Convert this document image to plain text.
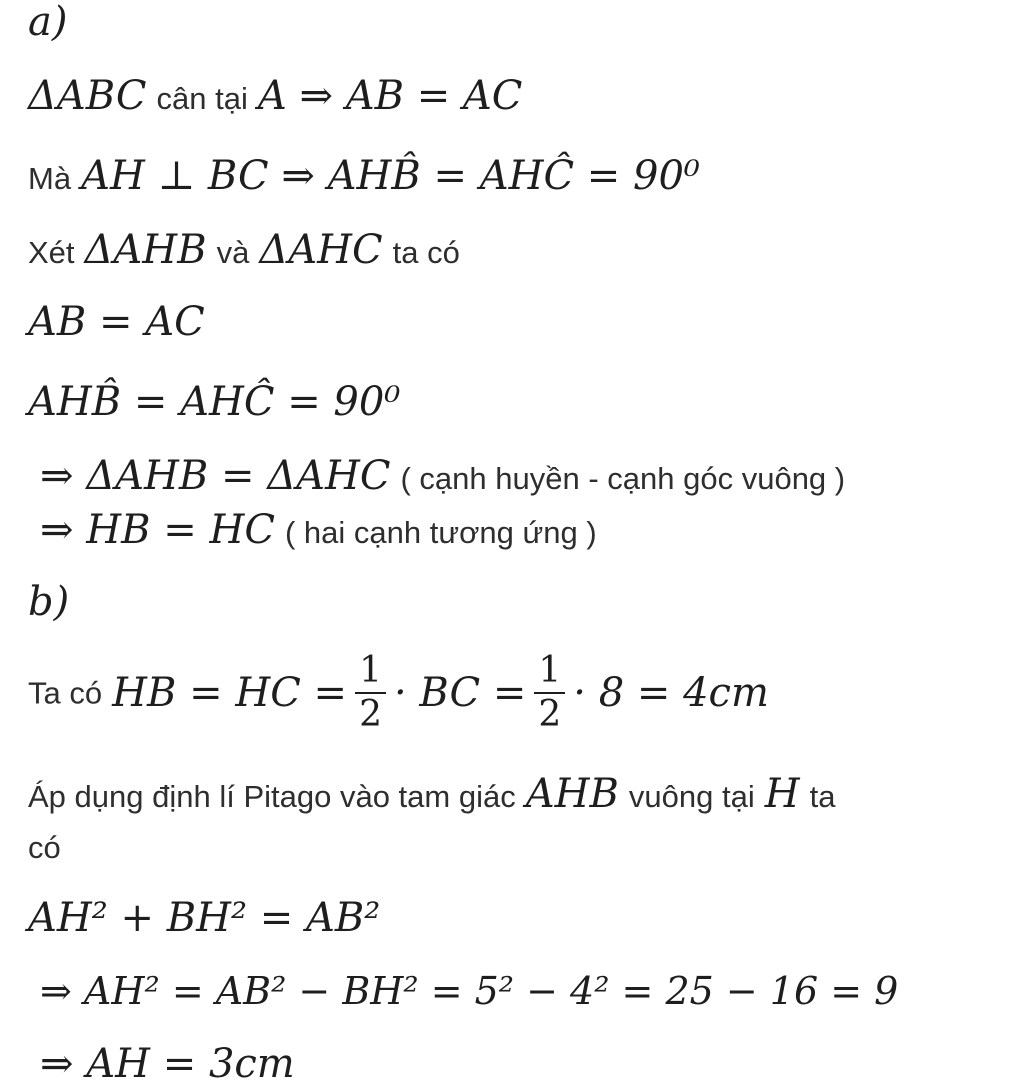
a)
ΔABC cân tại A ⇒ AB = AC
Mà AH ⊥ BC ⇒ AHB̂ = AHĈ = 90⁰
Xét ΔAHB và ΔAHC ta có
AB = AC
AHB̂ = AHĈ = 90⁰
⇒ ΔAHB = ΔAHC ( cạnh huyền - cạnh góc vuông )
⇒ HB = HC ( hai cạnh tương ứng )
b)
Ta có HB = HC = $\frac{1}{2}$ · BC = $\frac{1}{2} \cdot 8 = 4cm$
Áp dụng định lí Pitago vào tam giác AHB vuông tại H ta
có
AH² + BH² = AB²
⇒ AH² = AB² − BH² = 5² − 4² = 25 − 16 = 9
⇒ AH = 3cm
